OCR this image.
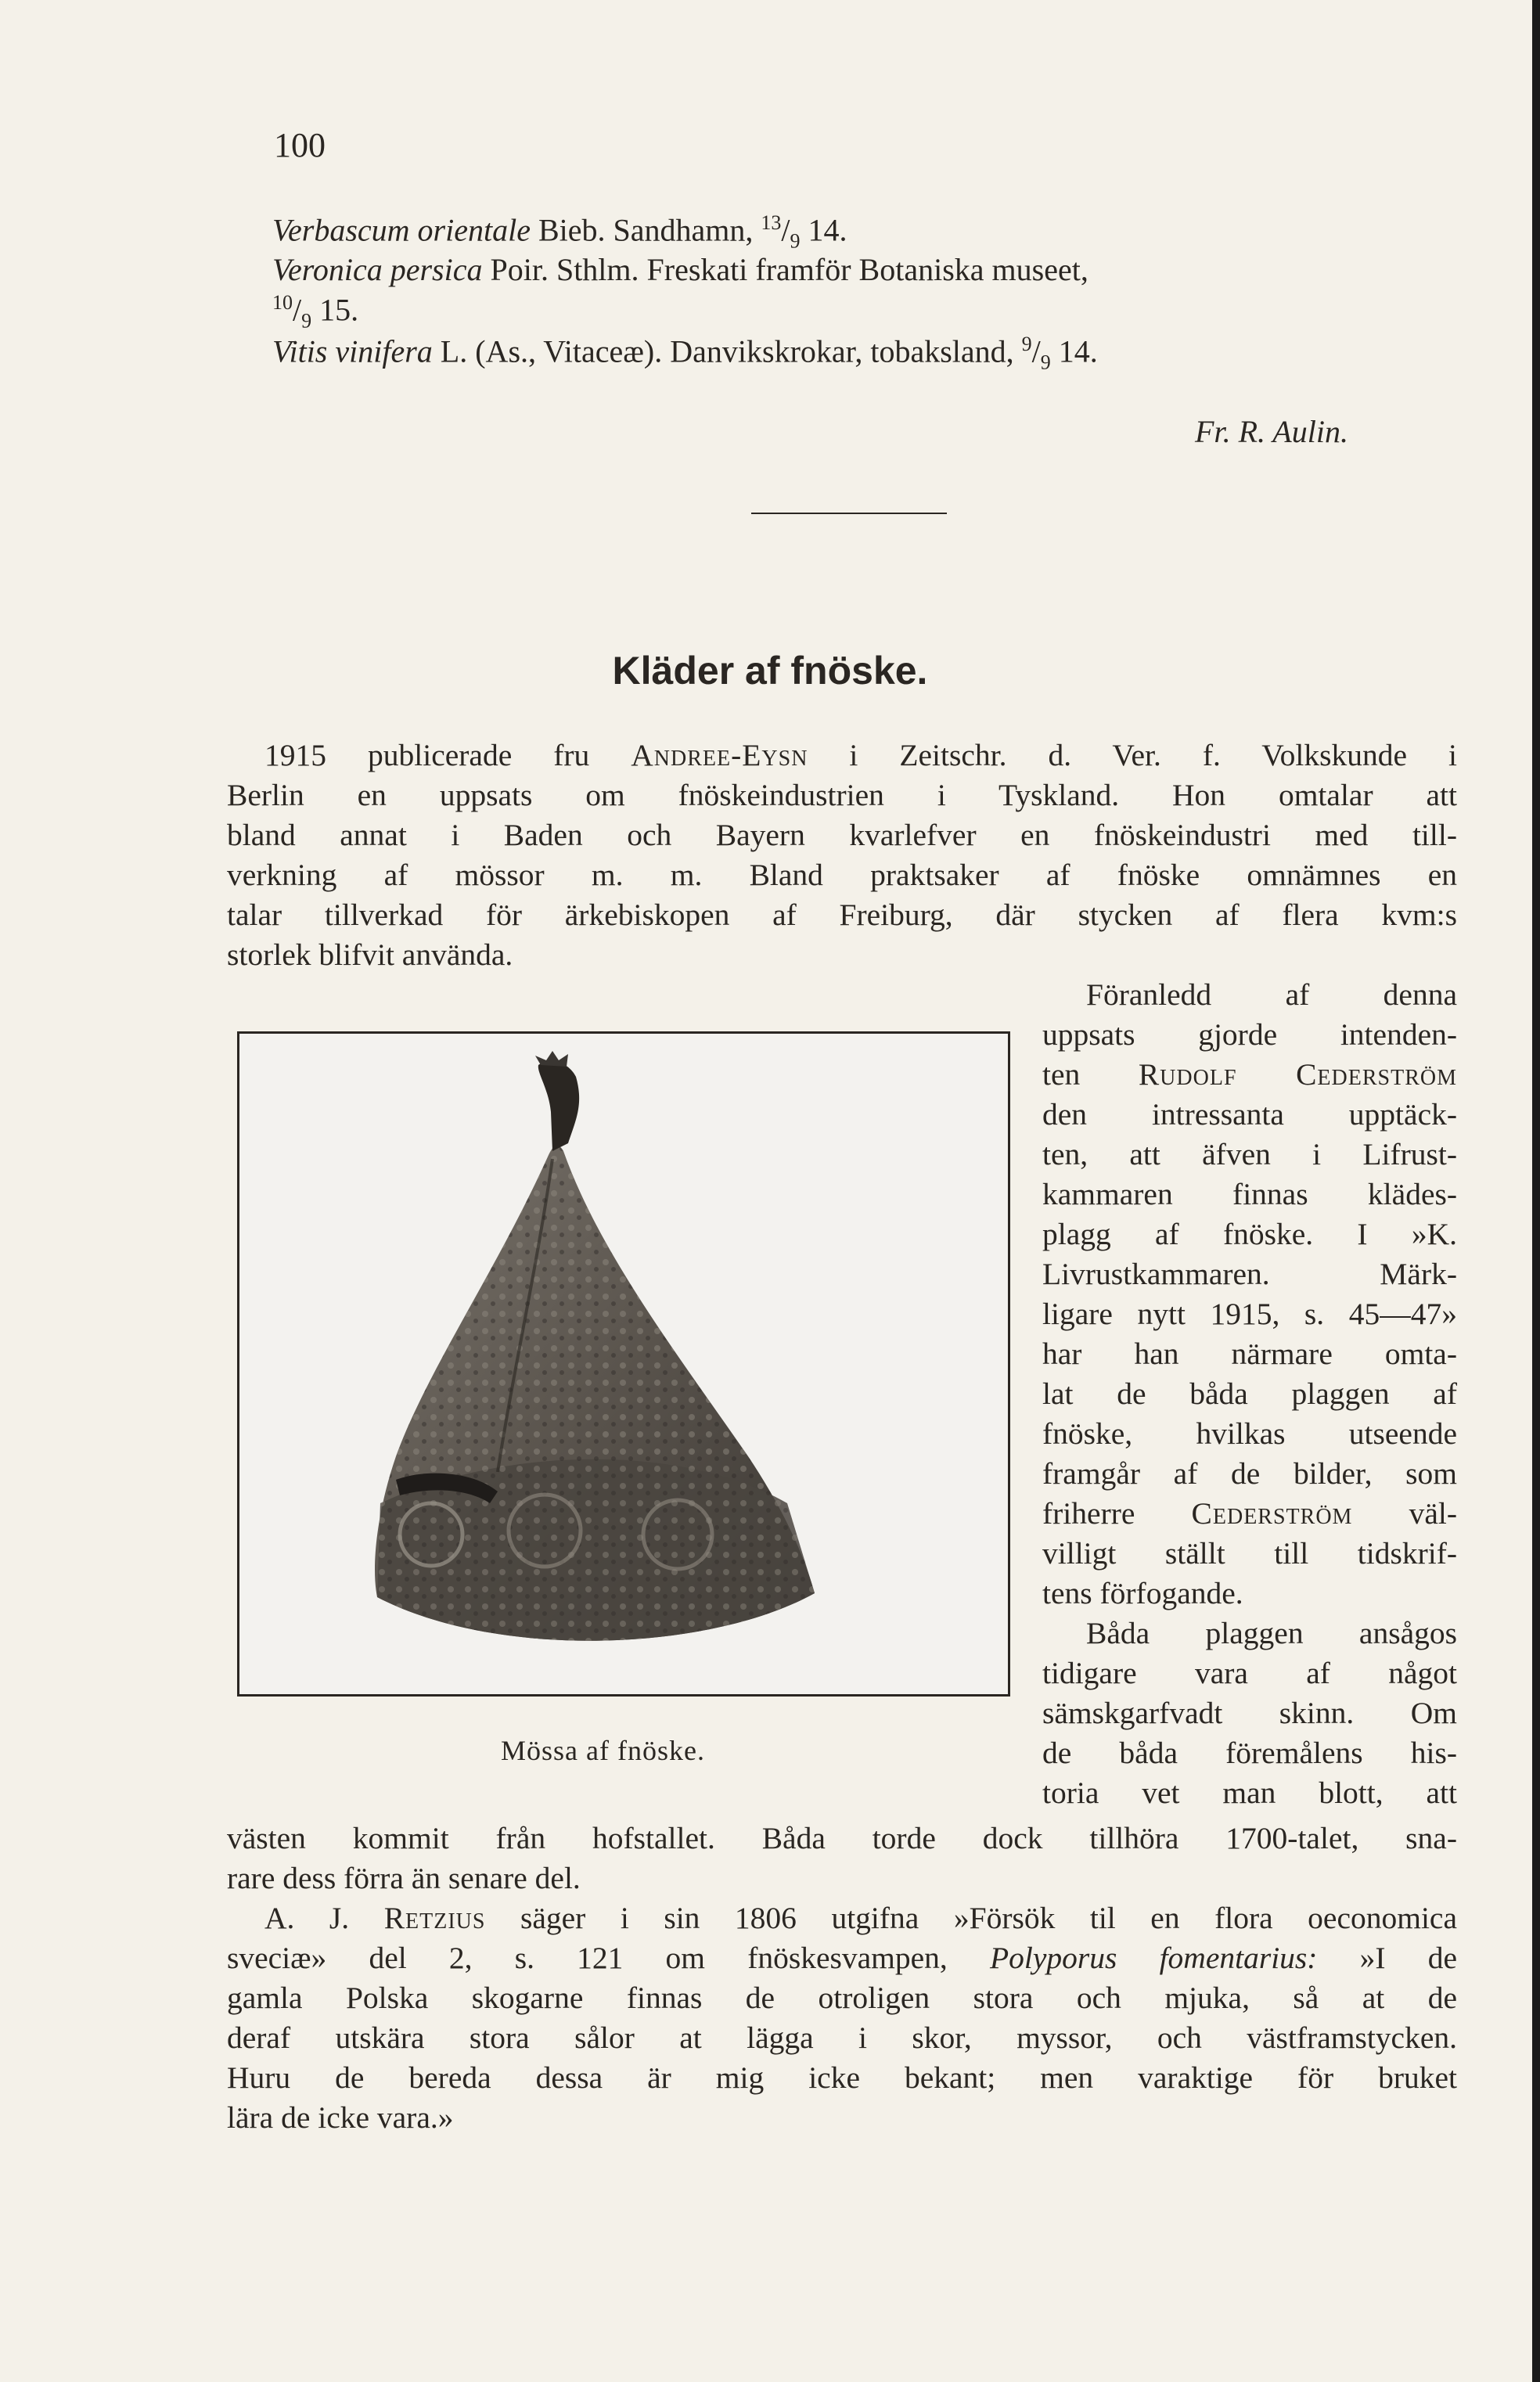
100
Verbascum orientale Bieb. Sandhamn, $^{13}/_9$ 14.
Veronica persica Poir. Sthlm. Freskati framför Botaniska museet,
$^{10}/_9$ 15.
Vitis vinifera L. (As., Vitaceæ). Danvikskrokar, tobaksland, $^9/_9$ 14.
Fr. R. Aulin.
Kläder af fnöske.
1915 publicerade fru Andree-Eysn i Zeitschr. d. Ver. f. Volkskunde i
Berlin en uppsats om fnöskeindustrien i Tyskland. Hon omtalar att
bland annat i Baden och Bayern kvarlefver en fnöskeindustri med till-
verkning af mössor m. m. Bland praktsaker af fnöske omnämnes en
talar tillverkad för ärkebiskopen af Freiburg, där stycken af flera kvm:s
storlek blifvit använda.
Föranledd af denna
uppsats gjorde intenden-
ten Rudolf Cederström
den intressanta upptäck-
ten, att äfven i Lifrust-
kammaren finnas klädes-
plagg af fnöske. I »K.
Livrustkammaren. Märk-
ligare nytt 1915, s. 45—47»
har han närmare omta-
lat de båda plaggen af
fnöske, hvilkas utseende
framgår af de bilder, som
friherre Cederström väl-
villigt ställt till tidskrif-
tens förfogande.
Båda plaggen ansågos
tidigare vara af något
sämskgarfvadt skinn. Om
de båda föremålens his-
toria vet man blott, att
Mössa af fnöske.
västen kommit från hofstallet. Båda torde dock tillhöra 1700-talet, sna-
rare dess förra än senare del.
A. J. Retzius säger i sin 1806 utgifna »Försök til en flora oeconomica
sveciæ» del 2, s. 121 om fnöskesvampen, Polyporus fomentarius: »I de
gamla Polska skogarne finnas de otroligen stora och mjuka, så at de
deraf utskära stora sålor at lägga i skor, myssor, och västframstycken.
Huru de bereda dessa är mig icke bekant; men varaktige för bruket
lära de icke vara.»
